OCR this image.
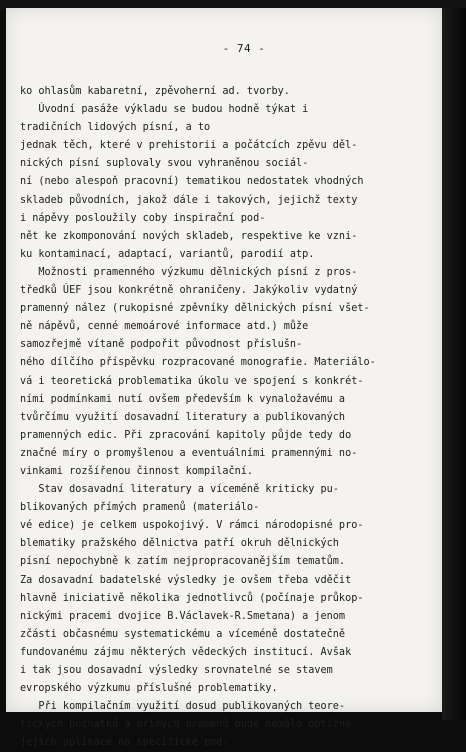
- 74 -
ko ohlasům kabaretní, zpěvoherní ad. tvorby.
Úvodní pasáže výkladu se budou hodně týkat i
tradičních lidových písní, a to
jednak těch, které v prehistorii a počátcích zpěvu děl-
nických písní suplovaly svou vyhraněnou sociál-
ní (nebo alespoň pracovní) tematikou nedostatek vhodných
skladeb původních, jakož dále i takových, jejichž texty
i nápěvy posloužily coby inspirační pod-
nět ke zkomponování nových skladeb, respektive ke vzni-
ku kontaminací, adaptací, variantů, parodií atp.
Možnosti pramenného výzkumu dělnických písní z pros-
tředků ÚEF jsou konkrétně ohraničeny. Jakýkoliv vydatný
pramenný nález (rukopisné zpěvníky dělnických písní všet-
ně nápěvů, cenné memoárové informace atd.) může
samozřejmě vítaně podpořit původnost příslušn-
ného dílčího příspěvku rozpracované monografie. Materiálo-
vá i teoretická problematika úkolu ve spojení s konkrét-
ními podmínkami nutí ovšem především k vynaložavému a
tvůrčímu využití dosavadní literatury a publikovaných
pramenných edic. Při zpracování kapitoly půjde tedy do
značné míry o promyšlenou a eventuálními pramennými no-
vinkami rozšířenou činnost kompilační.
Stav dosavadní literatury a víceméně kriticky pu-
blikovaných přímých pramenů (materiálo-
vé edice) je celkem uspokojivý. V rámci národopisné pro-
blematiky pražského dělnictva patří okruh dělnických
písní nepochybně k zatím nejpropracovanějším tematům.
Za dosavadní badatelské výsledky je ovšem třeba vděčit
hlavně iniciativě několika jednotlivců (počínaje průkop-
nickými pracemi dvojice B.Václavek-R.Smetana) a jenom
zčásti občasnému systematickému a víceméně dostatečně
fundovanému zájmu některých vědeckých institucí. Avšak
i tak jsou dosavadní výsledky srovnatelné se stavem
evropského výzkumu příslušné problematiky.
Při kompilačním využití dosud publikovaných teore-
tických poznatků a přímých pramenů bude nemálo obtížné
jejich aplikace na specifické pod-
